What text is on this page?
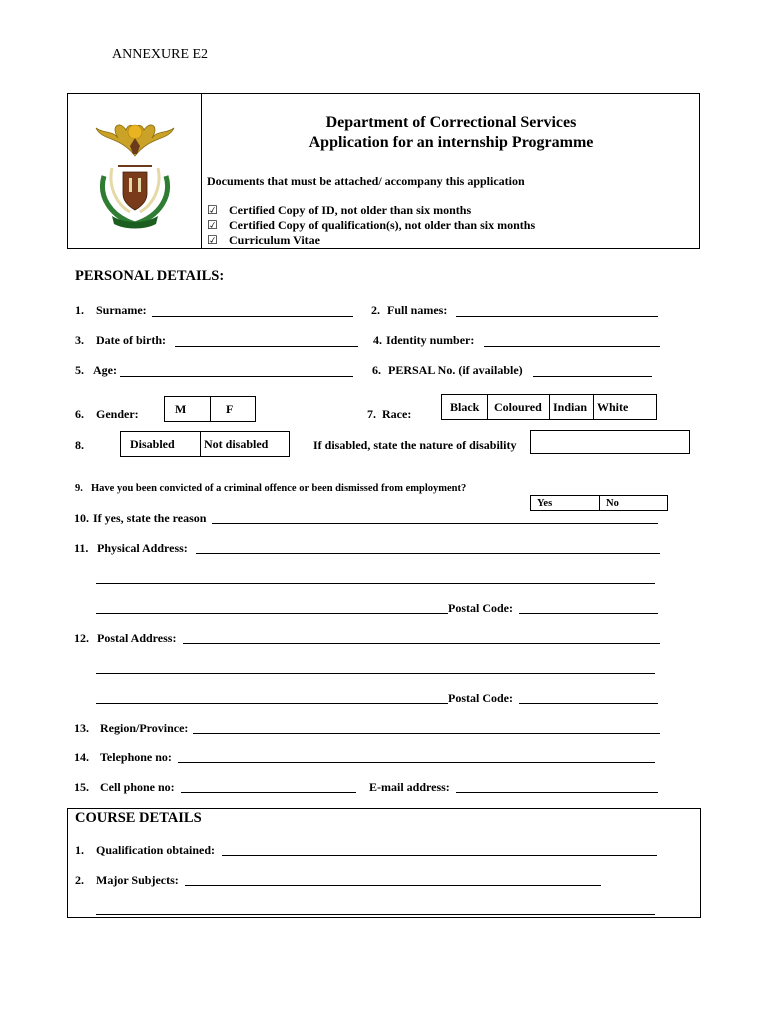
ANNEXURE E2
Department of Correctional Services
Application for an internship Programme
Documents that must be attached/ accompany this application
☑ Certified Copy of ID, not older than six months
☑ Certified Copy of qualification(s), not older than six months
☑ Curriculum Vitae
PERSONAL DETAILS:
1. Surname:	2. Full names:
3. Date of birth:	4. Identity number:
5. Age:	6. PERSAL No. (if available)
6. Gender:	M	F	7. Race:
Black	Coloured Indian White
8.	Disabled	Not disabled	If disabled, state the nature of disability
9. Have you been convicted of a criminal offence or been dismissed from employment?
Yes	No
10. If yes, state the reason
11. Physical Address:
Postal Code:
12. Postal Address:
Postal Code:
13. Region/Province:
14. Telephone no:
15. Cell phone no:	E-mail address:
COURSE DETAILS
1. Qualification obtained:
2. Major Subjects:
